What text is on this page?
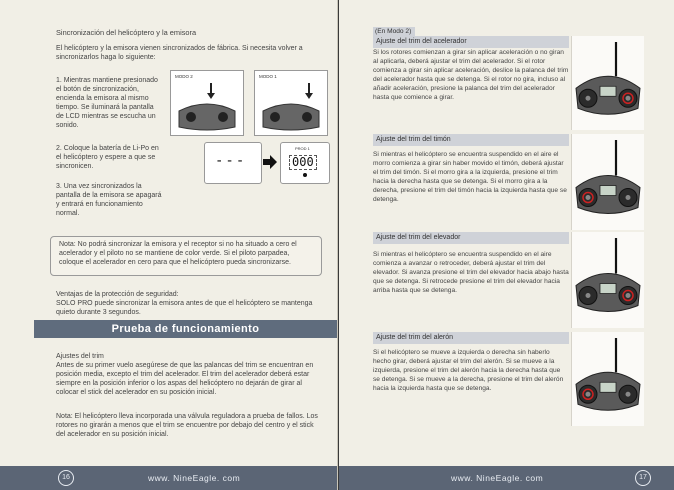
Sincronización del helicóptero y la emisora
El helicóptero y la emisora vienen sincronizados de fábrica. Si necesita volver a sincronizarlos haga lo siguiente:
1. Mientras mantiene presionado el botón de sincronización, encienda la emisora al mismo tiempo. Se iluminará la pantalla de LCD mientras se escucha un sonido.
2. Coloque la batería de Li-Po en el helicóptero y espere a que se sincronicen.
3. Una vez sincronizados la pantalla de la emisora se apagará y entrará en funcionamiento normal.
MODO 2	MODO 1
---
PROD 1
000
Nota: No podrá sincronizar la emisora y el receptor si no ha situado a cero el acelerador y el piloto no se mantiene de color verde. Si el piloto parpadea, coloque el acelerador en cero para que el helicóptero pueda sincronizarse.
Ventajas de la protección de seguridad:
SOLO PRO puede sincronizar la emisora antes de que el helicóptero se mantenga quieto durante 3 segundos.
Prueba de funcionamiento
Ajustes del trim
Antes de su primer vuelo asegúrese de que las palancas del trim se encuentran en posición media, excepto el trim del acelerador. El trim del acelerador deberá estar siempre en la posición inferior o los aspas del helicóptero no dejarán de girar al colocar el stick del acelerador en su posición inicial.
Nota: El helicóptero lleva incorporada una válvula reguladora a prueba de fallos. Los rotores no girarán a menos que el trim se encuentre por debajo del centro y el stick del acelerador en su posición inicial.
16	www. NineEagle. com
(En Modo 2)
Ajuste del trim del acelerador
Si los rotores comienzan a girar sin aplicar aceleración o no giran al aplicarla, deberá ajustar el trim del acelerador. Si el rotor comienza a girar sin aplicar aceleración, deslice la palanca del trim del acelerador hasta que se detenga. Si el rotor no gira, incluso al añadir aceleración, presione la palanca del trim del acelerador hasta que comience a girar.
Ajuste del trim del timón
Si mientras el helicóptero se encuentra suspendido en el aire el morro comienza a girar sin haber movido el timón, deberá ajustar el trim del timón. Si el morro gira a la izquierda, presione el trim hacia la derecha hasta que se detenga. Si el morro gira a la derecha, presione el trim del timón hacia la izquierda hasta que se detenga.
Ajuste del trim del elevador
Si mientras el helicóptero se encuentra suspendido en el aire comienza a avanzar o retroceder, deberá ajustar el trim del elevador. Si avanza presione el trim del elevador hacia abajo hasta que se detenga. Si retrocede presione el trim del elevador hacia arriba hasta que se detenga.
Ajuste del trim del alerón
Si el helicóptero se mueve a izquierda o derecha sin haberlo hecho girar, deberá ajustar el trim del alerón. Si se mueve a la izquierda, presione el trim del alerón hacia la derecha hasta que se detenga. Si se mueve a la derecha, presione el trim del alerón hacia la izquierda hasta que se detenga.
www. NineEagle. com	17
